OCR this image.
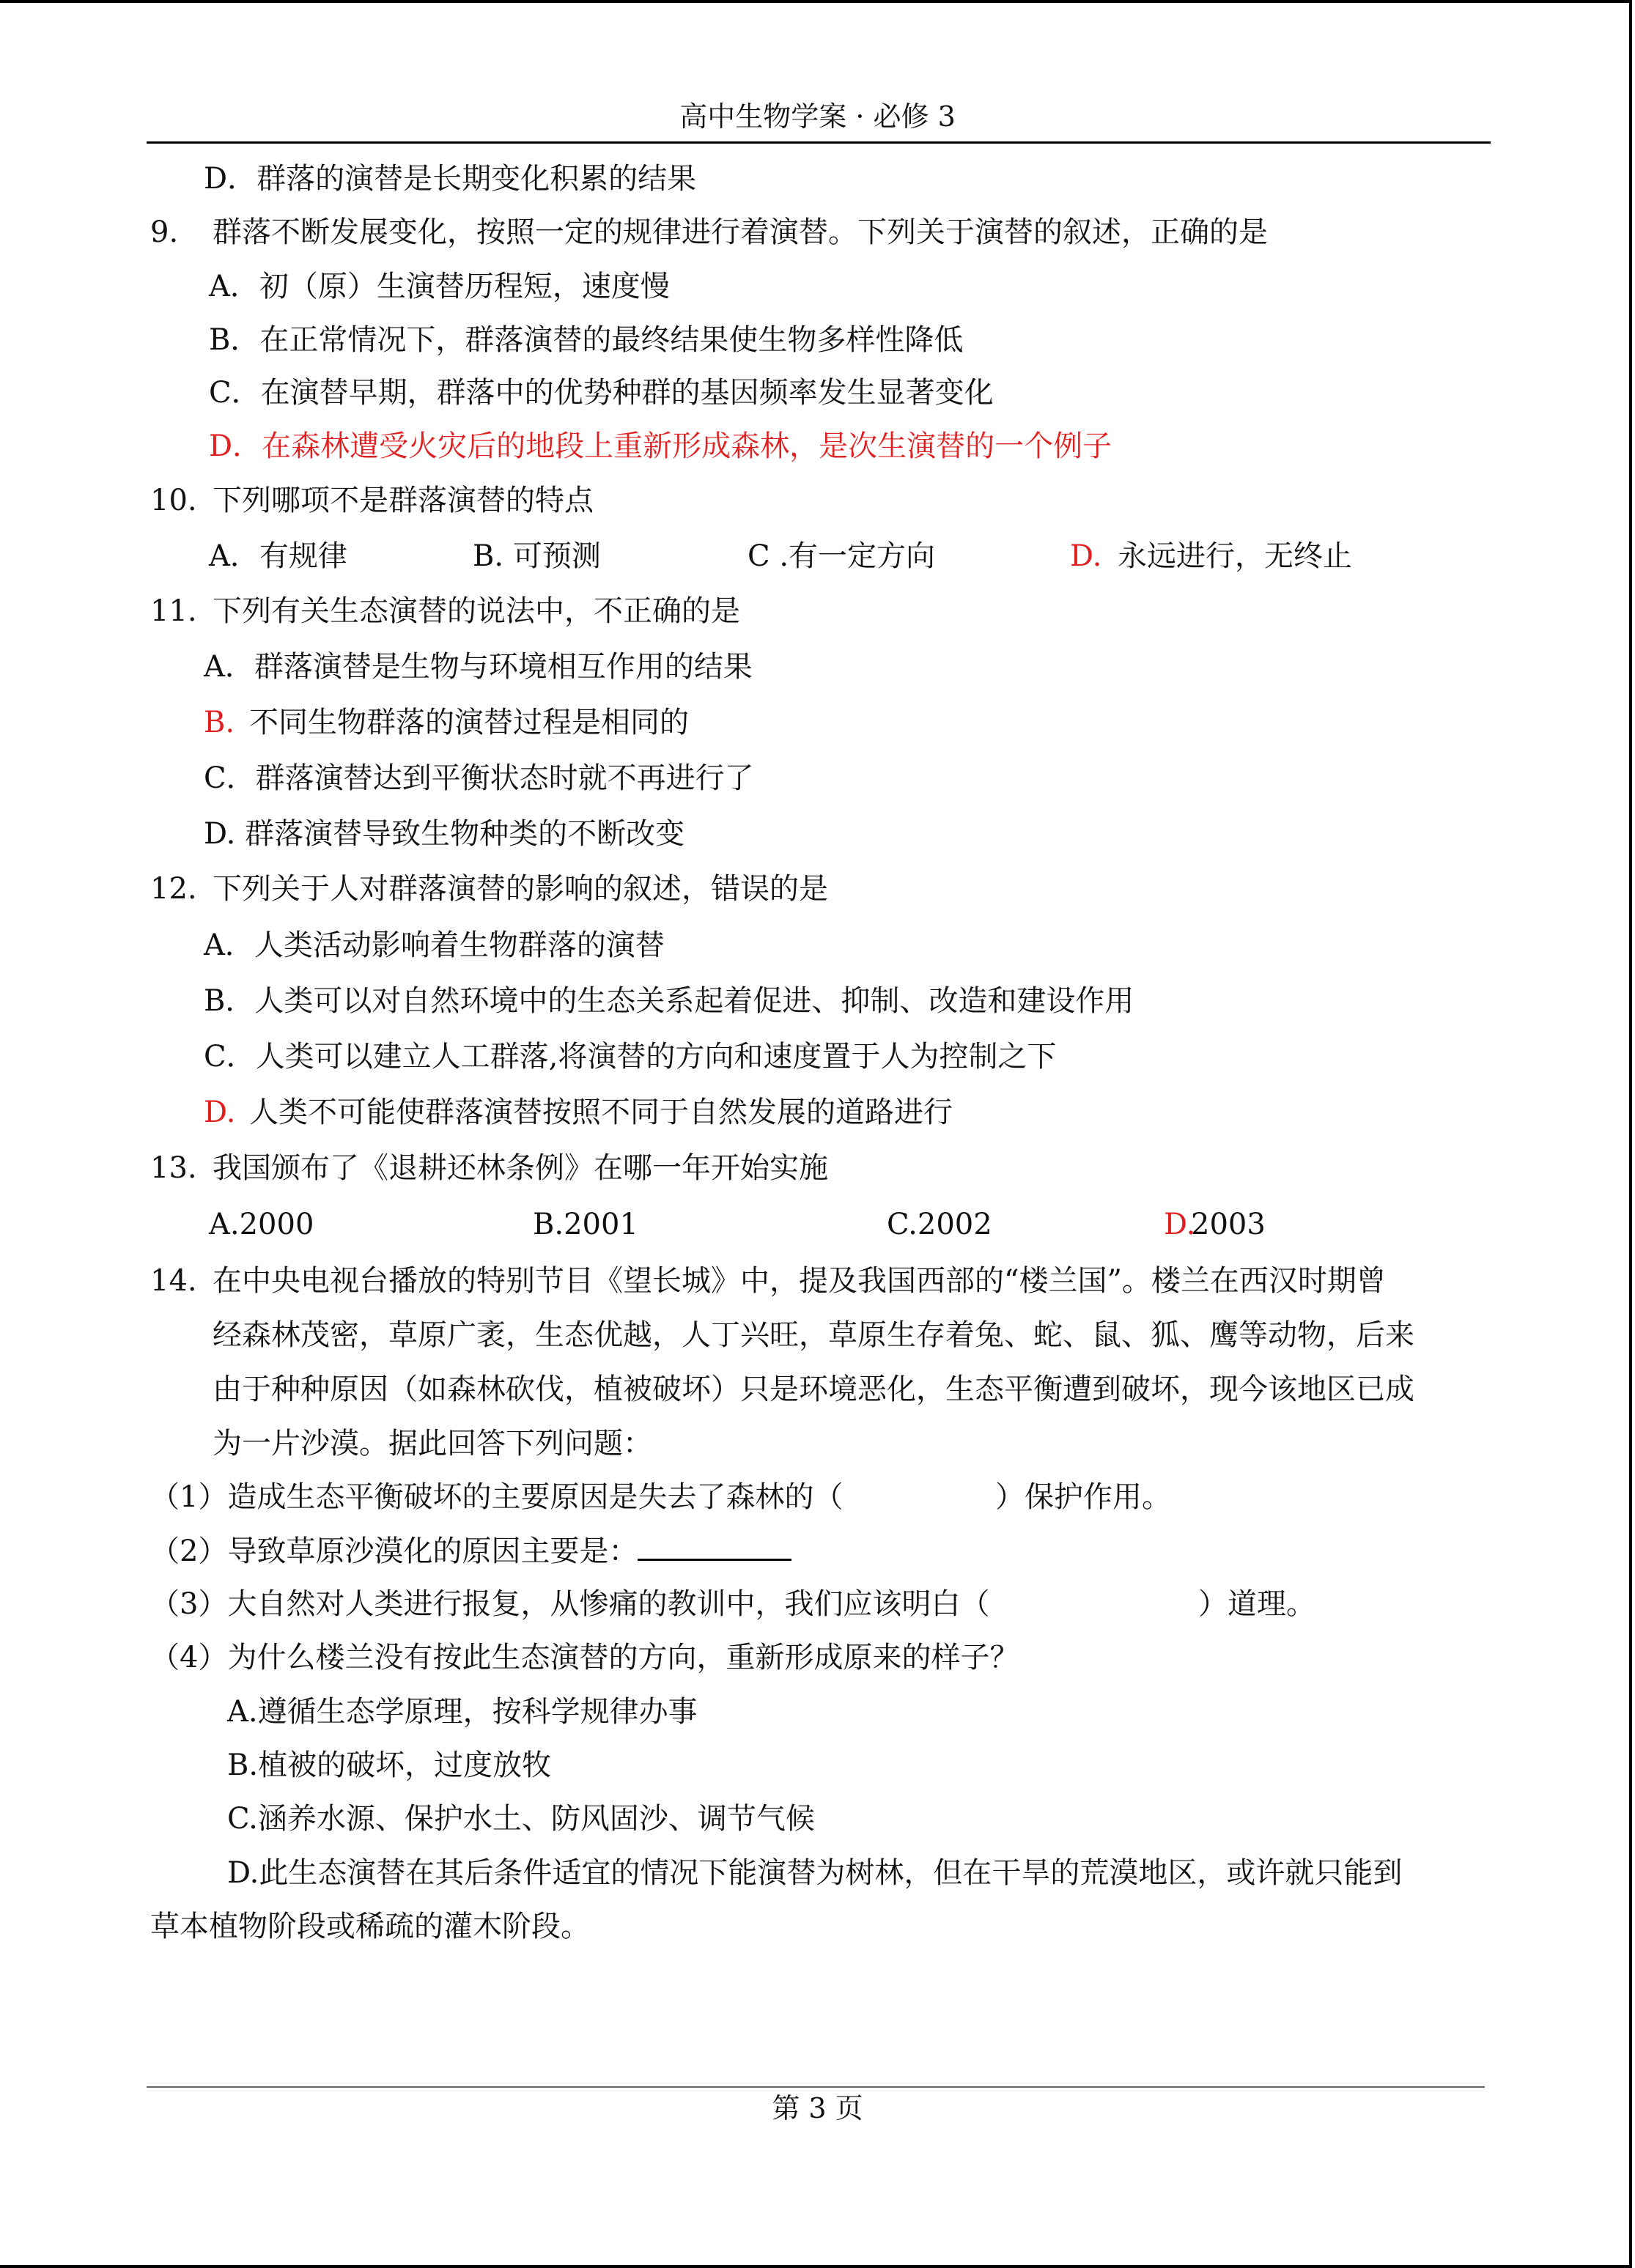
高中生物学案 · 必修 3
D．群落的演替是长期变化积累的结果
9. 群落不断发展变化，按照一定的规律进行着演替。下列关于演替的叙述，正确的是
A．初（原）生演替历程短，速度慢
B．在正常情况下，群落演替的最终结果使生物多样性降低
C．在演替早期，群落中的优势种群的基因频率发生显著变化
D．在森林遭受火灾后的地段上重新形成森林，是次生演替的一个例子
10. 下列哪项不是群落演替的特点
A．有规律	B. 可预测	C .有一定方向	D. 永远进行，无终止
11. 下列有关生态演替的说法中，不正确的是
A．群落演替是生物与环境相互作用的结果
B. 不同生物群落的演替过程是相同的
C．群落演替达到平衡状态时就不再进行了
D. 群落演替导致生物种类的不断改变
12. 下列关于人对群落演替的影响的叙述，错误的是
A．人类活动影响着生物群落的演替
B．人类可以对自然环境中的生态关系起着促进、抑制、改造和建设作用
C．人类可以建立人工群落,将演替的方向和速度置于人为控制之下
D. 人类不可能使群落演替按照不同于自然发展的道路进行
13. 我国颁布了《退耕还林条例》在哪一年开始实施
A.2000	B.2001	C.2002	D.
2003
14. 在中央电视台播放的特别节目《望长城》中，提及我国西部的“楼兰国”。楼兰在西汉时期曾
经森林茂密，草原广袤，生态优越，人丁兴旺，草原生存着兔、蛇、鼠、狐、鹰等动物，后来
由于种种原因（如森林砍伐，植被破坏）只是环境恶化，生态平衡遭到破坏，现今该地区已成
为一片沙漠。据此回答下列问题：
（1）造成生态平衡破坏的主要原因是失去了森林的（	）保护作用。
（2）导致草原沙漠化的原因主要是：
（3）大自然对人类进行报复，从惨痛的教训中，我们应该明白（	）道理。
（4）为什么楼兰没有按此生态演替的方向，重新形成原来的样子？
A.遵循生态学原理，按科学规律办事
B.植被的破坏，过度放牧
C.涵养水源、保护水土、防风固沙、调节气候
D.此生态演替在其后条件适宜的情况下能演替为树林，但在干旱的荒漠地区，或许就只能到
草本植物阶段或稀疏的灌木阶段。
第 3 页
